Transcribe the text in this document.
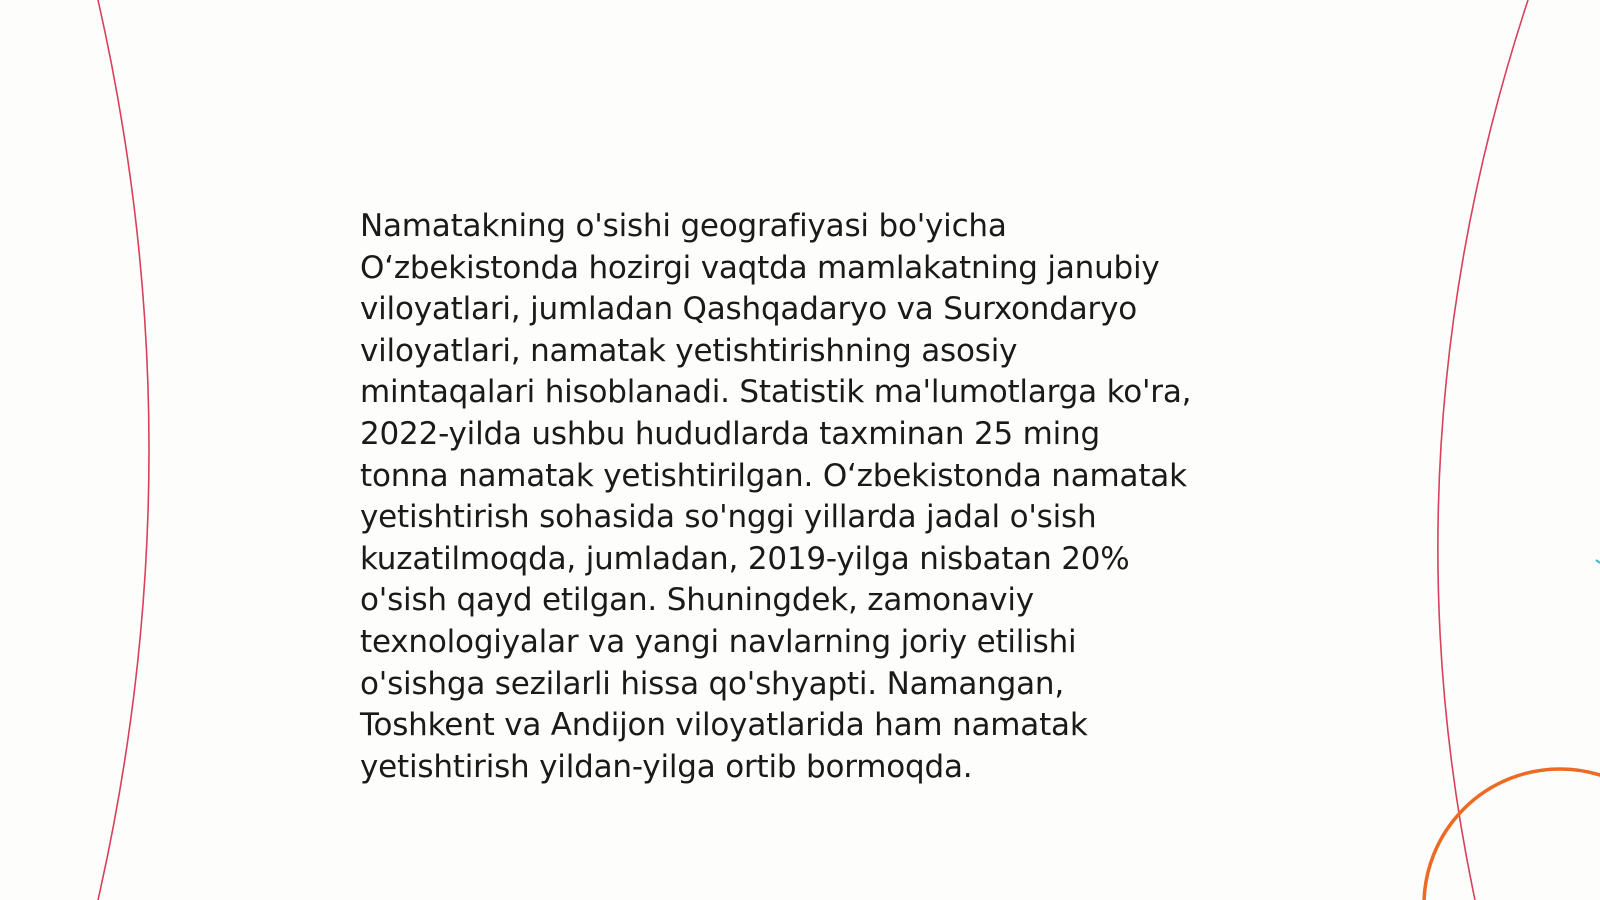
Namatakning o'sishi geografiyasi bo'yicha
O‘zbekistonda hozirgi vaqtda mamlakatning janubiy
viloyatlari, jumladan Qashqadaryo va Surxondaryo
viloyatlari, namatak yetishtirishning asosiy
mintaqalari hisoblanadi. Statistik ma'lumotlarga ko'ra,
2022-yilda ushbu hududlarda taxminan 25 ming
tonna namatak yetishtirilgan. O‘zbekistonda namatak
yetishtirish sohasida so'nggi yillarda jadal o'sish
kuzatilmoqda, jumladan, 2019-yilga nisbatan 20%
o'sish qayd etilgan. Shuningdek, zamonaviy
texnologiyalar va yangi navlarning joriy etilishi
o'sishga sezilarli hissa qo'shyapti. Namangan,
Toshkent va Andijon viloyatlarida ham namatak
yetishtirish yildan-yilga ortib bormoqda.
